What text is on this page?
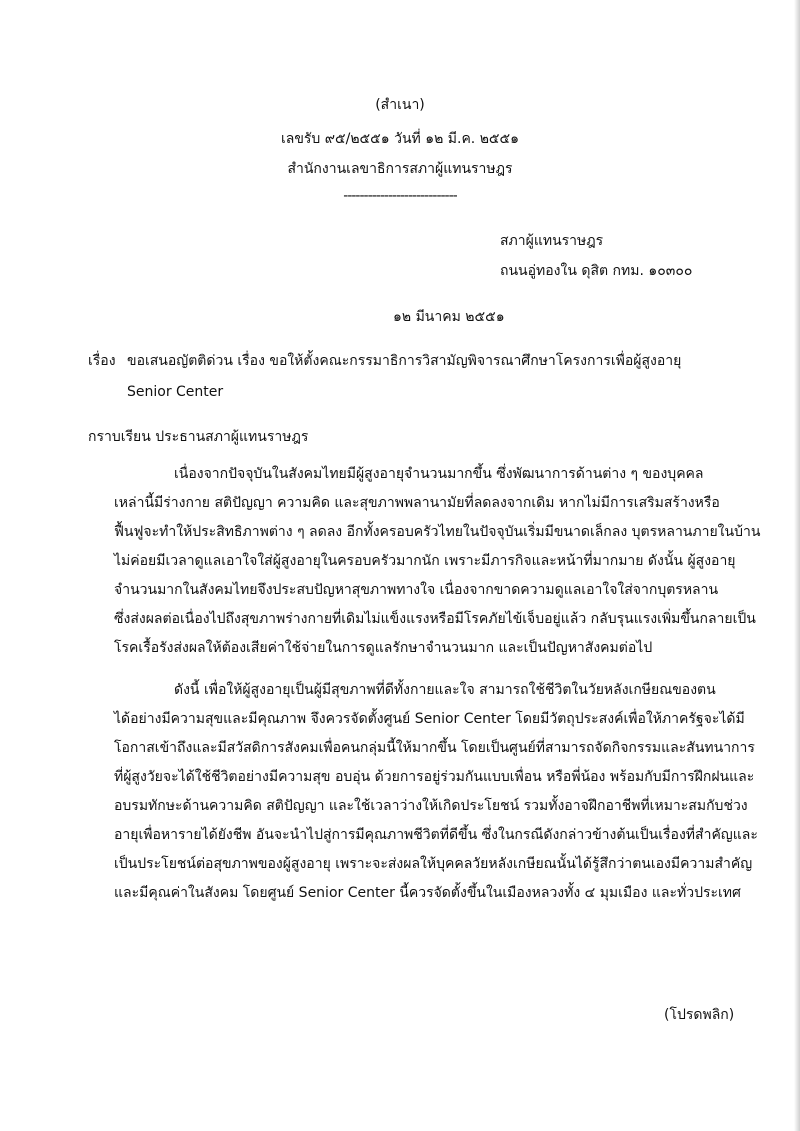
(สำเนา)
เลขรับ ๙๕/๒๕๕๑ วันที่ ๑๒ มี.ค. ๒๕๕๑
สำนักงานเลขาธิการสภาผู้แทนราษฎร
----------------------------
สภาผู้แทนราษฎร
ถนนอู่ทองใน ดุสิต กทม. ๑๐๓๐๐
๑๒ มีนาคม ๒๕๕๑
เรื่อง ขอเสนอญัตติด่วน เรื่อง ขอให้ตั้งคณะกรรมาธิการวิสามัญพิจารณาศึกษาโครงการเพื่อผู้สูงอายุ
Senior Center
กราบเรียน ประธานสภาผู้แทนราษฎร
เนื่องจากปัจจุบันในสังคมไทยมีผู้สูงอายุจำนวนมากขึ้น ซึ่งพัฒนาการด้านต่าง ๆ ของบุคคล
เหล่านี้มีร่างกาย สติปัญญา ความคิด และสุขภาพพลานามัยที่ลดลงจากเดิม หากไม่มีการเสริมสร้างหรือ
ฟื้นฟูจะทำให้ประสิทธิภาพต่าง ๆ ลดลง อีกทั้งครอบครัวไทยในปัจจุบันเริ่มมีขนาดเล็กลง บุตรหลานภายในบ้าน
ไม่ค่อยมีเวลาดูแลเอาใจใส่ผู้สูงอายุในครอบครัวมากนัก เพราะมีภารกิจและหน้าที่มากมาย ดังนั้น ผู้สูงอายุ
จำนวนมากในสังคมไทยจึงประสบปัญหาสุขภาพทางใจ เนื่องจากขาดความดูแลเอาใจใส่จากบุตรหลาน
ซึ่งส่งผลต่อเนื่องไปถึงสุขภาพร่างกายที่เดิมไม่แข็งแรงหรือมีโรคภัยไข้เจ็บอยู่แล้ว กลับรุนแรงเพิ่มขึ้นกลายเป็น
โรคเรื้อรังส่งผลให้ต้องเสียค่าใช้จ่ายในการดูแลรักษาจำนวนมาก และเป็นปัญหาสังคมต่อไป
ดังนี้ เพื่อให้ผู้สูงอายุเป็นผู้มีสุขภาพที่ดีทั้งกายและใจ สามารถใช้ชีวิตในวัยหลังเกษียณของตน
ได้อย่างมีความสุขและมีคุณภาพ จึงควรจัดตั้งศูนย์ Senior Center โดยมีวัตถุประสงค์เพื่อให้ภาครัฐจะได้มี
โอกาสเข้าถึงและมีสวัสดิการสังคมเพื่อคนกลุ่มนี้ให้มากขึ้น โดยเป็นศูนย์ที่สามารถจัดกิจกรรมและสันทนาการ
ที่ผู้สูงวัยจะได้ใช้ชีวิตอย่างมีความสุข อบอุ่น ด้วยการอยู่ร่วมกันแบบเพื่อน หรือพี่น้อง พร้อมกับมีการฝึกฝนและ
อบรมทักษะด้านความคิด สติปัญญา และใช้เวลาว่างให้เกิดประโยชน์ รวมทั้งอาจฝึกอาชีพที่เหมาะสมกับช่วง
อายุเพื่อหารายได้ยังชีพ อันจะนำไปสู่การมีคุณภาพชีวิตที่ดีขึ้น ซึ่งในกรณีดังกล่าวข้างต้นเป็นเรื่องที่สำคัญและ
เป็นประโยชน์ต่อสุขภาพของผู้สูงอายุ เพราะจะส่งผลให้บุคคลวัยหลังเกษียณนั้นได้รู้สึกว่าตนเองมีความสำคัญ
และมีคุณค่าในสังคม โดยศูนย์ Senior Center นี้ควรจัดตั้งขึ้นในเมืองหลวงทั้ง ๔ มุมเมือง และทั่วประเทศ
(โปรดพลิก)
